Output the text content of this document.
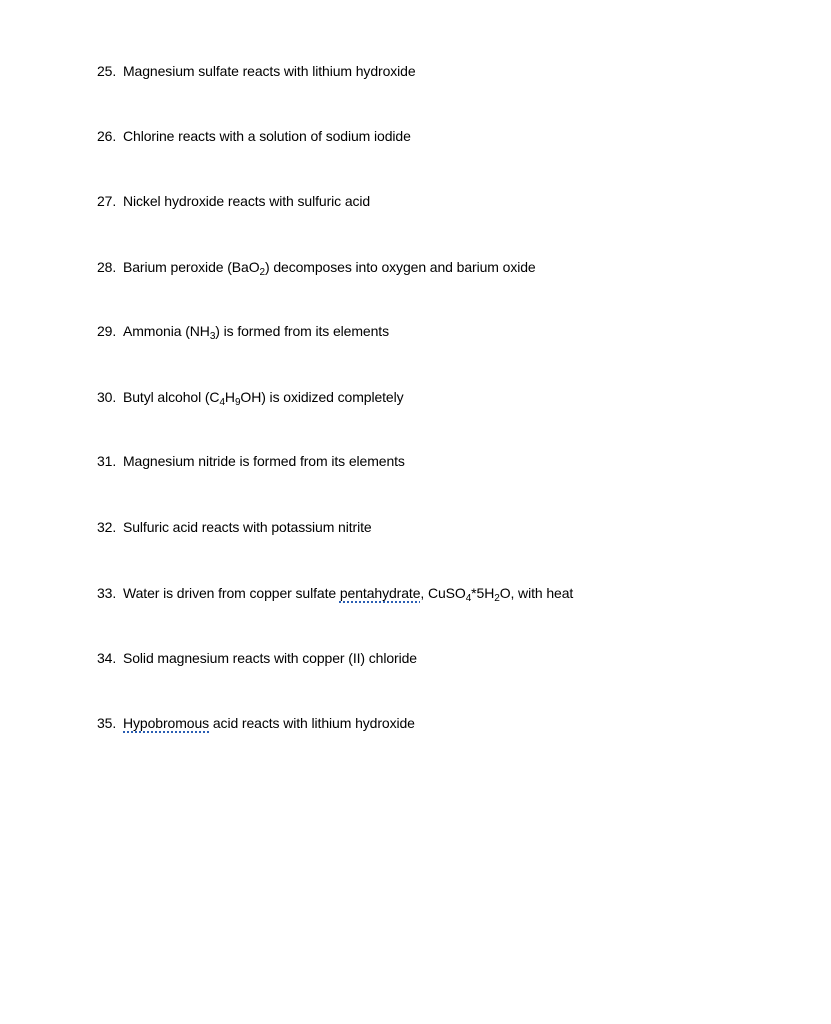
25. Magnesium sulfate reacts with lithium hydroxide
26. Chlorine reacts with a solution of sodium iodide
27. Nickel hydroxide reacts with sulfuric acid
28. Barium peroxide (BaO$_2$) decomposes into oxygen and barium oxide
29. Ammonia $(NH_3)$ is formed from its elements
30. Butyl alcohol $(C_4H_9OH)$ is oxidized completely
31. Magnesium nitride is formed from its elements
32. Sulfuric acid reacts with potassium nitrite
33. Water is driven from copper sulfate pentahydrate, $CuSO_4*5H_2O$, with heat
34. Solid magnesium reacts with copper (II) chloride
35. Hypobromous acid reacts with lithium hydroxide
